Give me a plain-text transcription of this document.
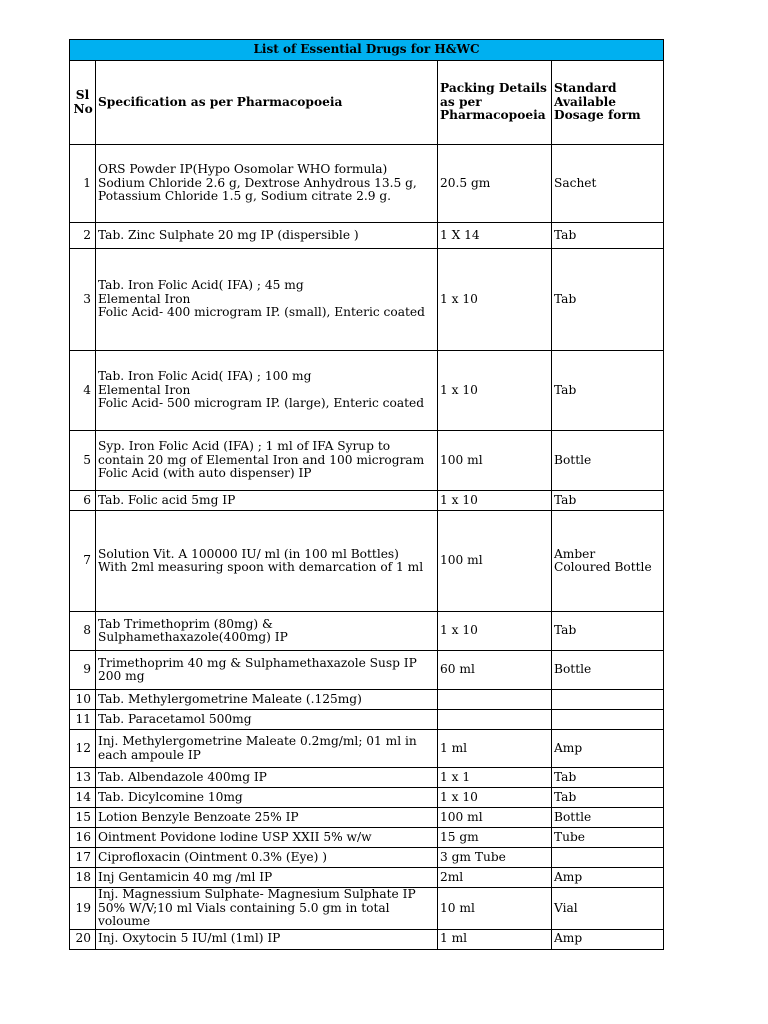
List of Essential Drugs for H&WC			

Sl No	Specification as per Pharmacopoeia	Packing Details as per Pharmacopoeia	Standard Available Dosage form
1	ORS Powder IP(Hypo Osomolar WHO formula)
Sodium Chloride 2.6 g, Dextrose Anhydrous 13.5 g,
Potassium Chloride 1.5 g, Sodium citrate 2.9 g.	20.5 gm	Sachet
2	Tab. Zinc Sulphate 20 mg IP (dispersible )	1 X 14	Tab
3	Tab. Iron Folic Acid( IFA) ; 45 mg
Elemental Iron
Folic Acid- 400 microgram IP. (small), Enteric coated	1 x 10	Tab
4	Tab. Iron Folic Acid( IFA) ; 100 mg
Elemental Iron
Folic Acid- 500 microgram IP. (large), Enteric coated	1 x 10	Tab
5	Syp. Iron Folic Acid (IFA) ; 1 ml of IFA Syrup to
contain 20 mg of Elemental Iron and 100 microgram
Folic Acid (with auto dispenser) IP	100 ml	Bottle
6	Tab. Folic acid 5mg IP	1 x 10	Tab
7	Solution Vit. A 100000 IU/ ml (in 100 ml Bottles)
With 2ml measuring spoon with demarcation of 1 ml	100 ml	Amber
Coloured Bottle
8	Tab Trimethoprim (80mg) &
Sulphamethaxazole(400mg) IP	1 x 10	Tab
9	Trimethoprim 40 mg & Sulphamethaxazole Susp IP
200 mg	60 ml	Bottle
10	Tab. Methylergometrine Maleate (.125mg)		
11	Tab. Paracetamol 500mg		
12	Inj. Methylergometrine Maleate 0.2mg/ml; 01 ml in
each ampoule IP	1 ml	Amp
13	Tab. Albendazole 400mg IP	1 x 1	Tab
14	Tab. Dicylcomine 10mg	1 x 10	Tab
15	Lotion Benzyle Benzoate 25% IP	100 ml	Bottle
16	Ointment Povidone lodine USP XXII 5% w/w	15 gm	Tube
17	Ciprofloxacin (Ointment 0.3% (Eye) )	3 gm Tube	
18	Inj Gentamicin 40 mg /ml IP	2ml	Amp
19	Inj. Magnessium Sulphate- Magnesium Sulphate IP
50% W/V;10 ml Vials containing 5.0 gm in total
voloume	10 ml	Vial
20	Inj. Oxytocin 5 IU/ml (1ml) IP	1 ml	Amp
